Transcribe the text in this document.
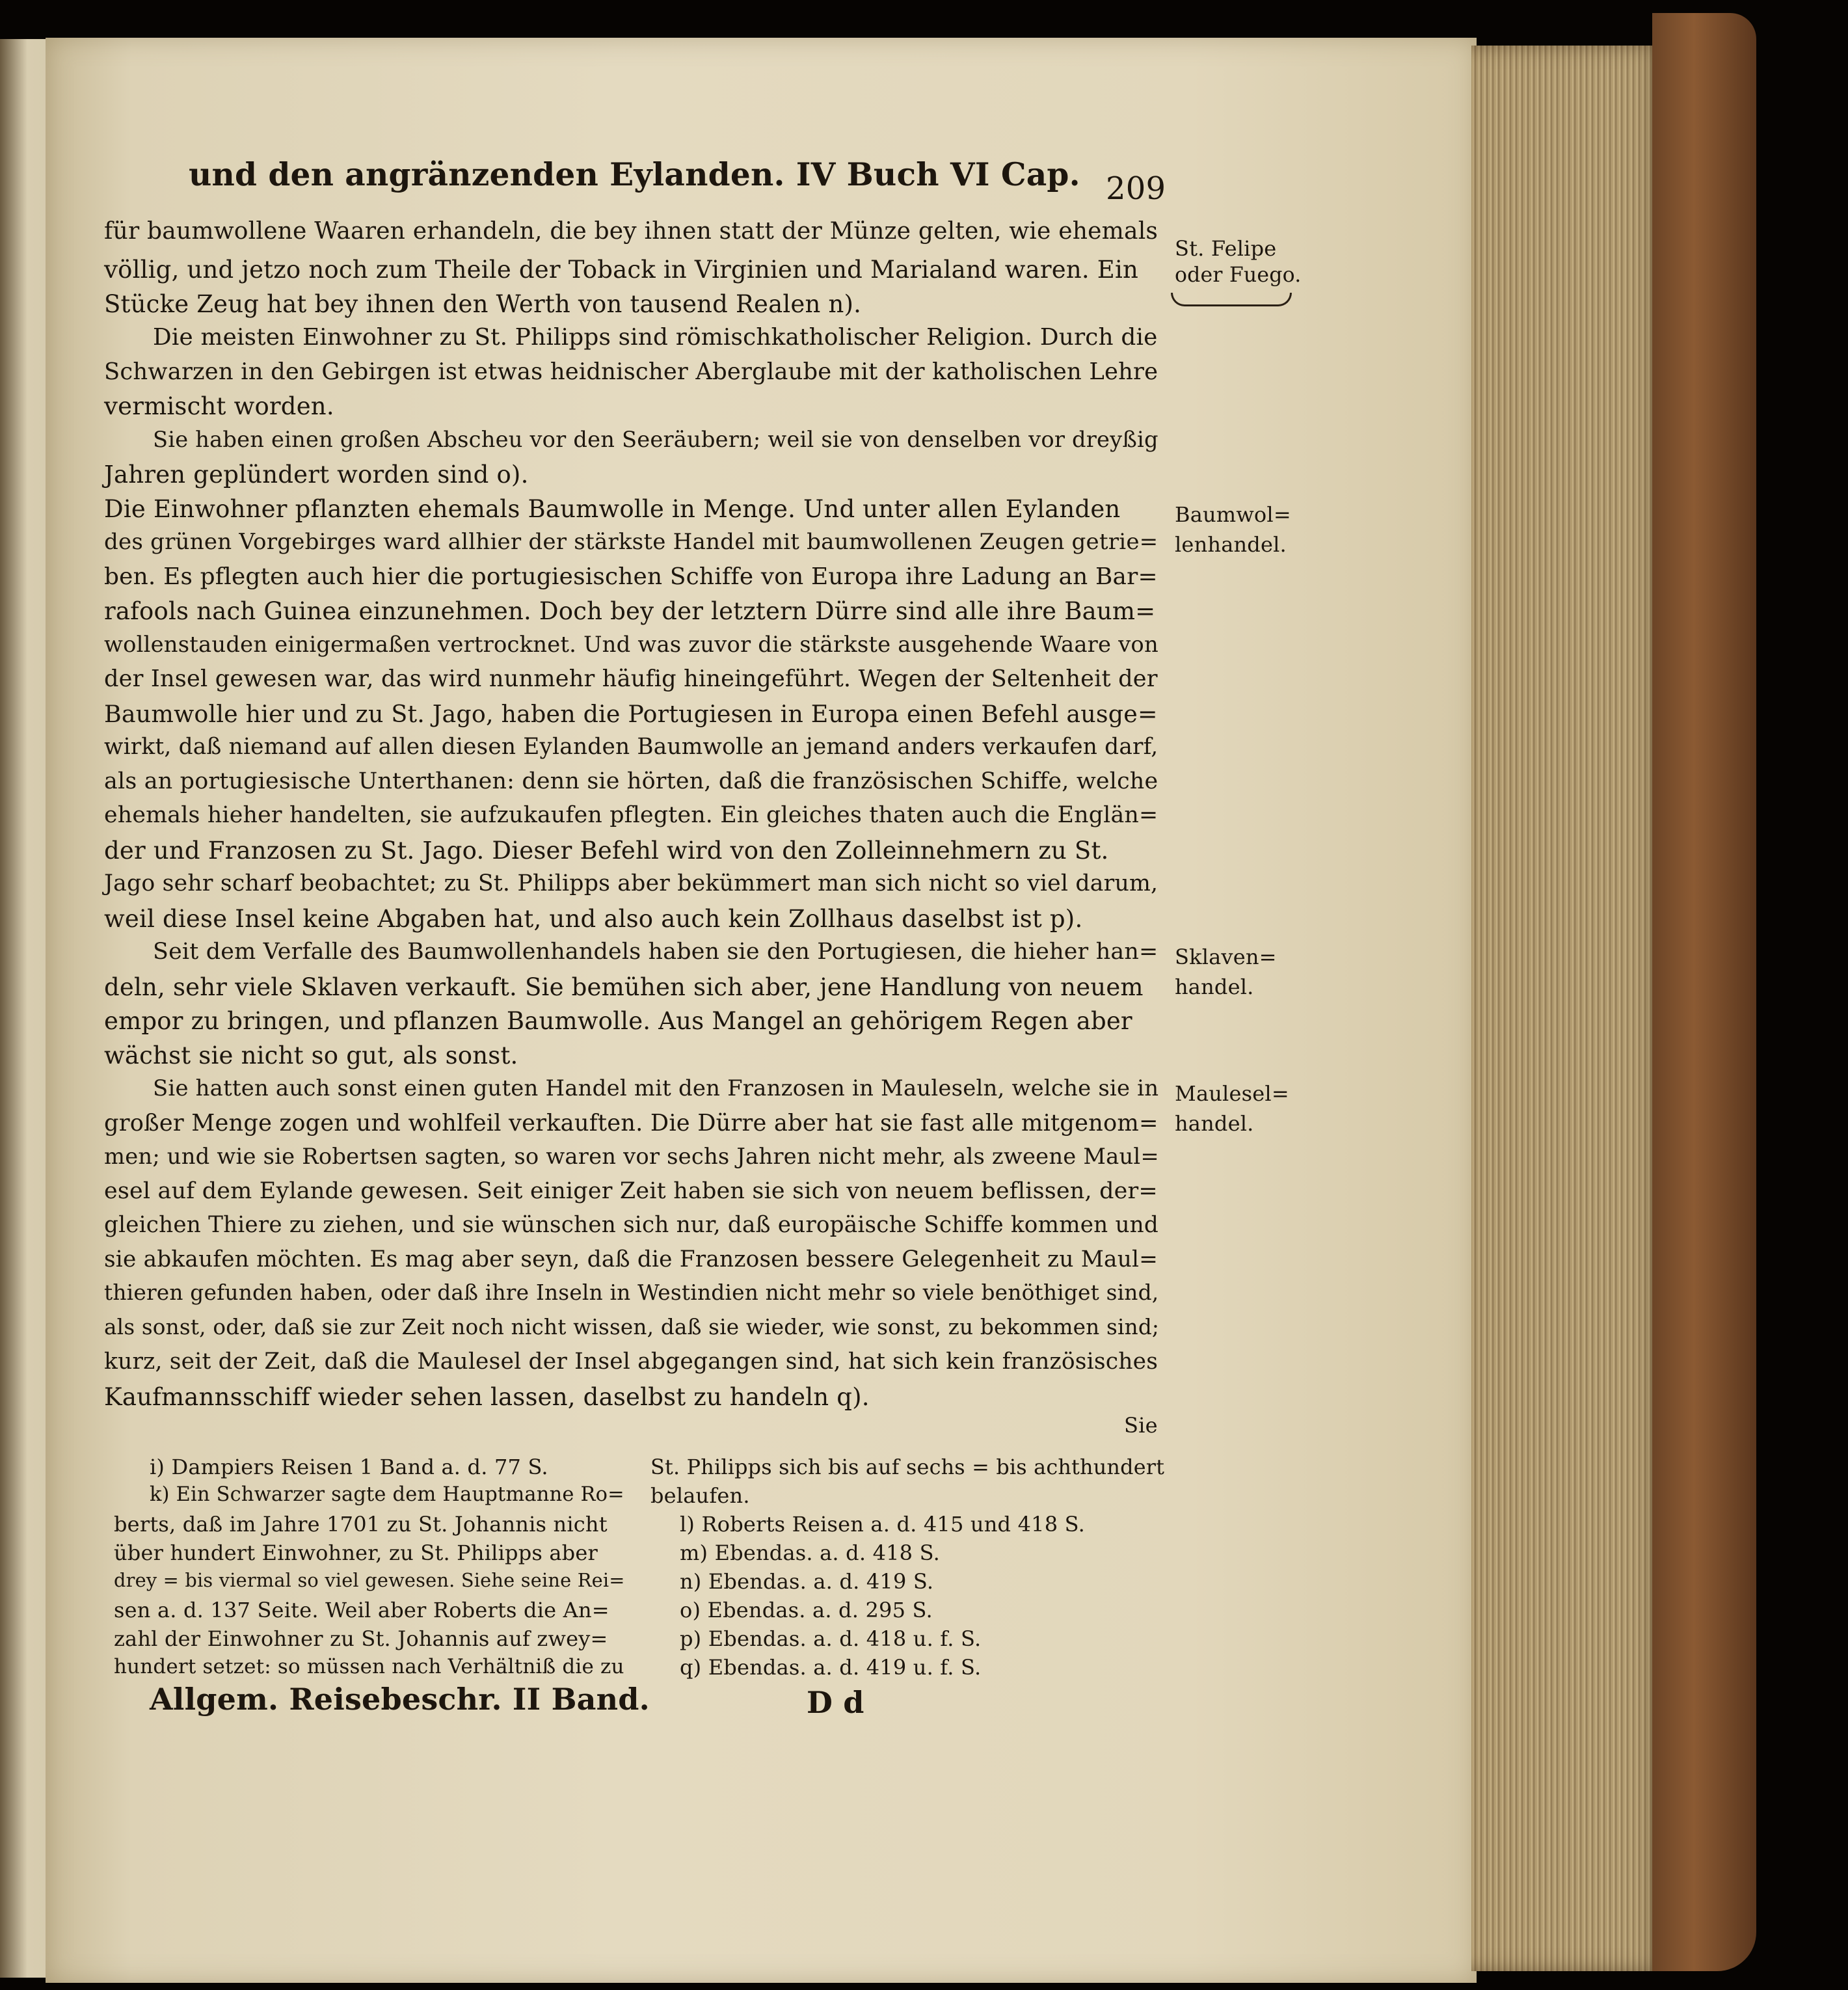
und den angränzenden Eylanden. IV Buch VI Cap. 209
für baumwollene Waaren erhandeln, die bey ihnen statt der Münze gelten, wie ehemals
völlig, und jetzo noch zum Theile der Toback in Virginien und Marialand waren. Ein
Stücke Zeug hat bey ihnen den Werth von tausend Realen n).
Die meisten Einwohner zu St. Philipps sind römischkatholischer Religion. Durch die
Schwarzen in den Gebirgen ist etwas heidnischer Aberglaube mit der katholischen Lehre
vermischt worden.
Sie haben einen großen Abscheu vor den Seeräubern; weil sie von denselben vor dreyßig
Jahren geplündert worden sind o).
Die Einwohner pflanzten ehemals Baumwolle in Menge. Und unter allen Eylanden
des grünen Vorgebirges ward allhier der stärkste Handel mit baumwollenen Zeugen getrie=
ben. Es pflegten auch hier die portugiesischen Schiffe von Europa ihre Ladung an Bar=
rafools nach Guinea einzunehmen. Doch bey der letztern Dürre sind alle ihre Baum=
wollenstauden einigermaßen vertrocknet. Und was zuvor die stärkste ausgehende Waare von
der Insel gewesen war, das wird nunmehr häufig hineingeführt. Wegen der Seltenheit der
Baumwolle hier und zu St. Jago, haben die Portugiesen in Europa einen Befehl ausge=
wirkt, daß niemand auf allen diesen Eylanden Baumwolle an jemand anders verkaufen darf,
als an portugiesische Unterthanen: denn sie hörten, daß die französischen Schiffe, welche
ehemals hieher handelten, sie aufzukaufen pflegten. Ein gleiches thaten auch die Englän=
der und Franzosen zu St. Jago. Dieser Befehl wird von den Zolleinnehmern zu St.
Jago sehr scharf beobachtet; zu St. Philipps aber bekümmert man sich nicht so viel darum,
weil diese Insel keine Abgaben hat, und also auch kein Zollhaus daselbst ist p).
Seit dem Verfalle des Baumwollenhandels haben sie den Portugiesen, die hieher han=
deln, sehr viele Sklaven verkauft. Sie bemühen sich aber, jene Handlung von neuem
empor zu bringen, und pflanzen Baumwolle. Aus Mangel an gehörigem Regen aber
wächst sie nicht so gut, als sonst.
Sie hatten auch sonst einen guten Handel mit den Franzosen in Mauleseln, welche sie in
großer Menge zogen und wohlfeil verkauften. Die Dürre aber hat sie fast alle mitgenom=
men; und wie sie Robertsen sagten, so waren vor sechs Jahren nicht mehr, als zweene Maul=
esel auf dem Eylande gewesen. Seit einiger Zeit haben sie sich von neuem beflissen, der=
gleichen Thiere zu ziehen, und sie wünschen sich nur, daß europäische Schiffe kommen und
sie abkaufen möchten. Es mag aber seyn, daß die Franzosen bessere Gelegenheit zu Maul=
thieren gefunden haben, oder daß ihre Inseln in Westindien nicht mehr so viele benöthiget sind,
als sonst, oder, daß sie zur Zeit noch nicht wissen, daß sie wieder, wie sonst, zu bekommen sind;
kurz, seit der Zeit, daß die Maulesel der Insel abgegangen sind, hat sich kein französisches
Kaufmannsschiff wieder sehen lassen, daselbst zu handeln q).
Sie
St. Felipe
oder Fuego.
Baumwol=
lenhandel.
Sklaven=
handel.
Maulesel=
handel.
i) Dampiers Reisen 1 Band a. d. 77 S.
k) Ein Schwarzer sagte dem Hauptmanne Ro=
berts, daß im Jahre 1701 zu St. Johannis nicht
über hundert Einwohner, zu St. Philipps aber
drey = bis viermal so viel gewesen. Siehe seine Rei=
sen a. d. 137 Seite. Weil aber Roberts die An=
zahl der Einwohner zu St. Johannis auf zwey=
hundert setzet: so müssen nach Verhältniß die zu
St. Philipps sich bis auf sechs = bis achthundert
belaufen.
l) Roberts Reisen a. d. 415 und 418 S.
m) Ebendas. a. d. 418 S.
n) Ebendas. a. d. 419 S.
o) Ebendas. a. d. 295 S.
p) Ebendas. a. d. 418 u. f. S.
q) Ebendas. a. d. 419 u. f. S.
Allgem. Reisebeschr. II Band.	D d
